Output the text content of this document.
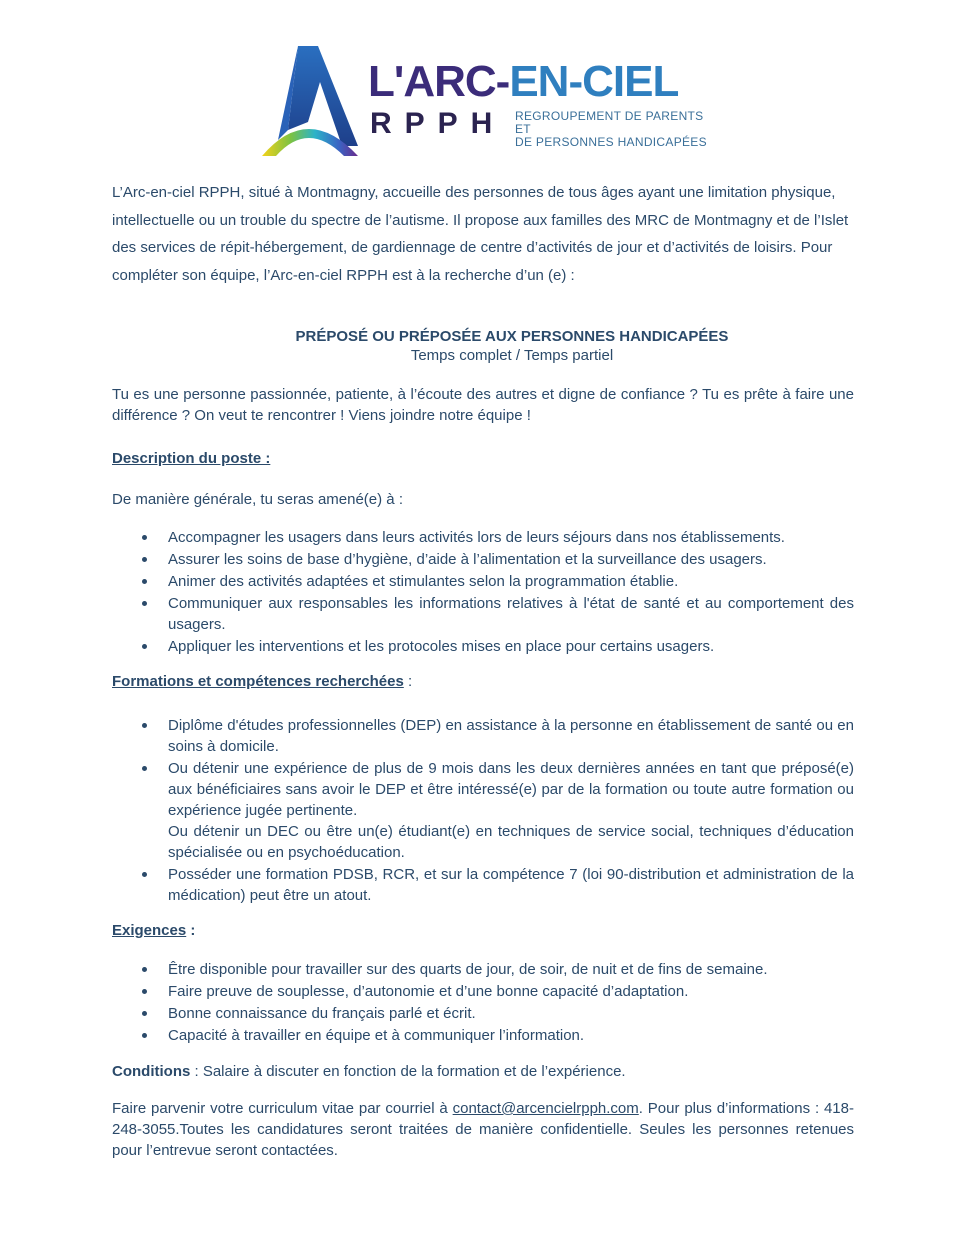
L'ARC-EN-CIEL
RPPH REGROUPEMENT DE PARENTS ET
DE PERSONNES HANDICAPÉES
L’Arc-en-ciel RPPH, situé à Montmagny, accueille des personnes de tous âges ayant une limitation physique, intellectuelle ou un trouble du spectre de l’autisme. Il propose aux familles des MRC de Montmagny et de l’Islet des services de répit-hébergement, de gardiennage de centre d’activités de jour et d’activités de loisirs. Pour compléter son équipe, l’Arc-en-ciel RPPH est à la recherche d’un (e) :
PRÉPOSÉ OU PRÉPOSÉE AUX PERSONNES HANDICAPÉES
Temps complet / Temps partiel
Tu es une personne passionnée, patiente, à l’écoute des autres et digne de confiance ? Tu es prête à faire une différence ? On veut te rencontrer ! Viens joindre notre équipe !
Description du poste :
De manière générale, tu seras amené(e) à :
Accompagner les usagers dans leurs activités lors de leurs séjours dans nos établissements.
Assurer les soins de base d’hygiène, d’aide à l’alimentation et la surveillance des usagers.
Animer des activités adaptées et stimulantes selon la programmation établie.
Communiquer aux responsables les informations relatives à l'état de santé et au comportement des usagers.
Appliquer les interventions et les protocoles mises en place pour certains usagers.
Formations et compétences recherchées :
Diplôme d'études professionnelles (DEP) en assistance à la personne en établissement de santé ou en soins à domicile.
Ou détenir une expérience de plus de 9 mois dans les deux dernières années en tant que préposé(e) aux bénéficiaires sans avoir le DEP et être intéressé(e) par de la formation ou toute autre formation ou expérience jugée pertinente.
Ou détenir un DEC ou être un(e) étudiant(e) en techniques de service social, techniques d’éducation spécialisée ou en psychoéducation.
Posséder une formation PDSB, RCR, et sur la compétence 7 (loi 90-distribution et administration de la médication) peut être un atout.
Exigences :
Être disponible pour travailler sur des quarts de jour, de soir, de nuit et de fins de semaine.
Faire preuve de souplesse, d’autonomie et d’une bonne capacité d’adaptation.
Bonne connaissance du français parlé et écrit.
Capacité à travailler en équipe et à communiquer l’information.
Conditions : Salaire à discuter en fonction de la formation et de l’expérience.
Faire parvenir votre curriculum vitae par courriel à contact@arcencielrpph.com. Pour plus d’informations : 418-248-3055.Toutes les candidatures seront traitées de manière confidentielle. Seules les personnes retenues pour l’entrevue seront contactées.
